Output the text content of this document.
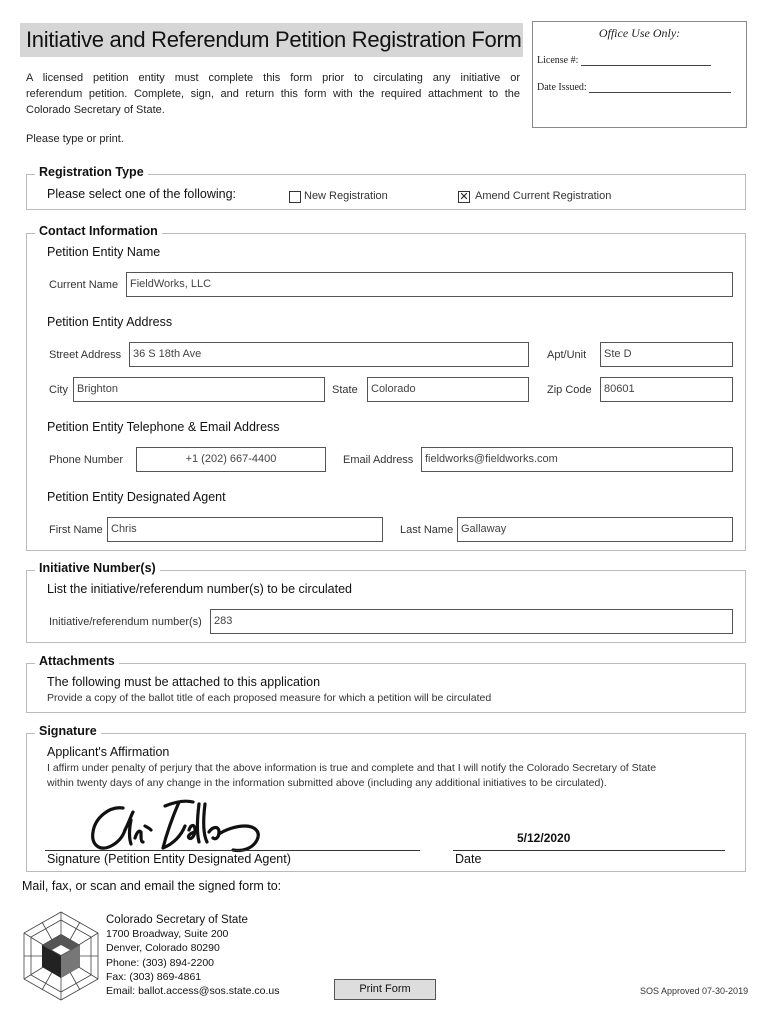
Initiative and Referendum Petition Registration Form	Office Use Only:
License #:
Date Issued:
A licensed petition entity must complete this form prior to circulating any initiative or
referendum petition. Complete, sign, and return this form with the required attachment to the
Colorado Secretary of State.
Please type or print.
Registration Type
Please select one of the following:	New Registration	✕ Amend Current Registration
Contact Information
Petition Entity Name
Current Name	FieldWorks, LLC
Petition Entity Address
Street Address	36 S 18th Ave	Apt/Unit	Ste D
City Brighton	State	Colorado	Zip Code	80601
Petition Entity Telephone & Email Address
Phone Number	+1 (202) 667-4400	Email Address	fieldworks@fieldworks.com
Petition Entity Designated Agent
First Name Chris	Last Name Gallaway
Initiative Number(s)
List the initiative/referendum number(s) to be circulated
Initiative/referendum number(s)	283
Attachments
The following must be attached to this application
Provide a copy of the ballot title of each proposed measure for which a petition will be circulated
Signature
Applicant's Affirmation
I affirm under penalty of perjury that the above information is true and complete and that I will notify the Colorado Secretary of State
within twenty days of any change in the information submitted above (including any additional initiatives to be circulated).
Signature (Petition Entity Designated Agent)
5/12/2020
Date
Mail, fax, or scan and email the signed form to:
Colorado Secretary of State
1700 Broadway, Suite 200
Denver, Colorado 80290
Phone: (303) 894-2200
Fax: (303) 869-4861
Email: ballot.access@sos.state.co.us	Print Form	SOS Approved 07-30-2019
